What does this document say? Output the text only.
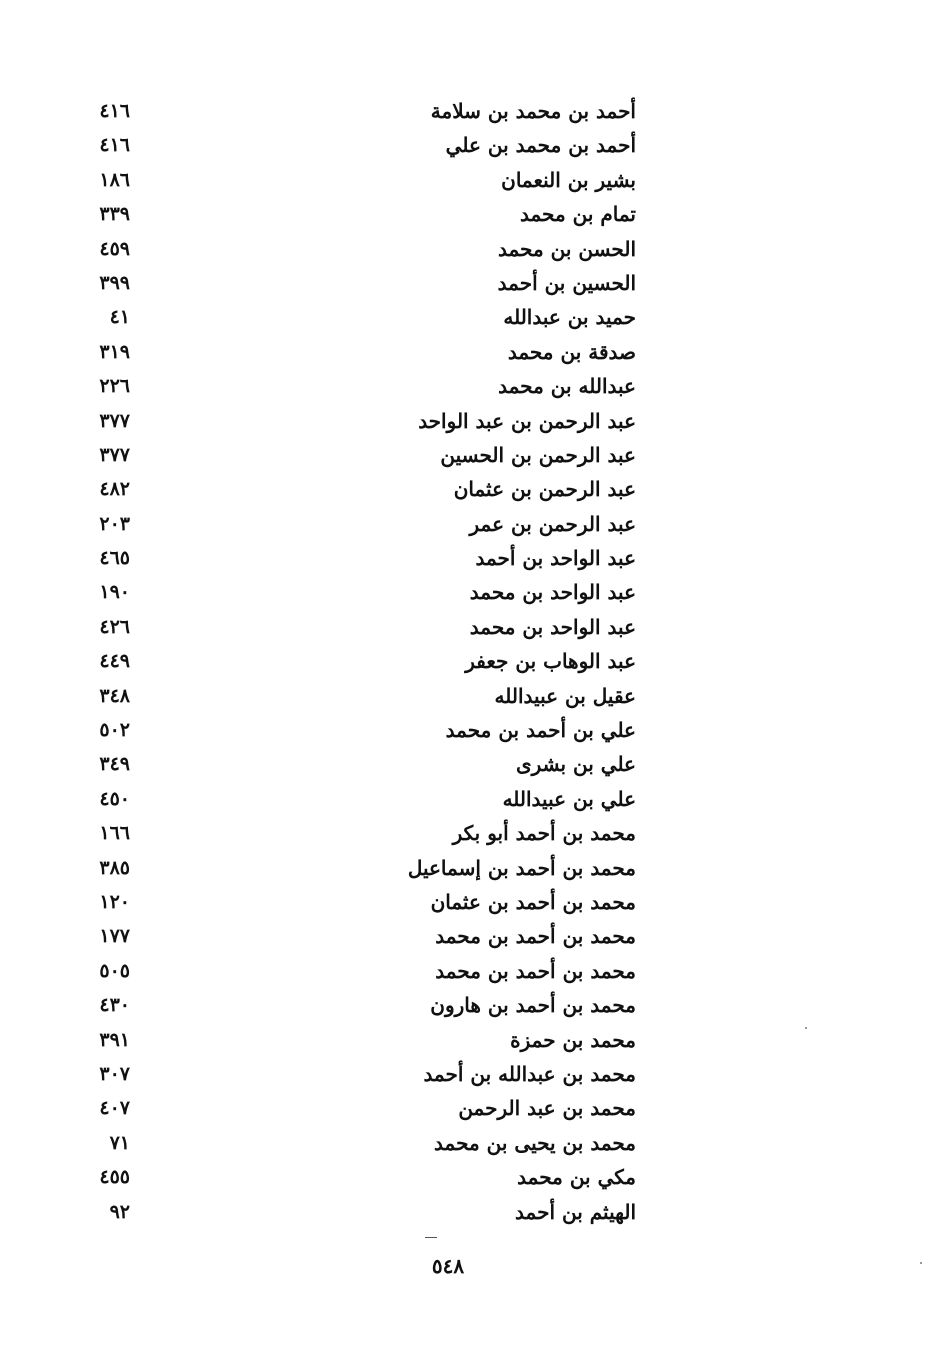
أحمد بن محمد بن سلامة
٤١٦
أحمد بن محمد بن علي
٤١٦
بشير بن النعمان
١٨٦
تمام بن محمد
٣٣٩
الحسن بن محمد
٤٥٩
الحسين بن أحمد
٣٩٩
حميد بن عبدالله
٤١
صدقة بن محمد
٣١٩
عبدالله بن محمد
٢٢٦
عبد الرحمن بن عبد الواحد
٣٧٧
عبد الرحمن بن الحسين
٣٧٧
عبد الرحمن بن عثمان
٤٨٢
عبد الرحمن بن عمر
٢٠٣
عبد الواحد بن أحمد
٤٦٥
عبد الواحد بن محمد
١٩٠
عبد الواحد بن محمد
٤٢٦
عبد الوهاب بن جعفر
٤٤٩
عقيل بن عبيدالله
٣٤٨
علي بن أحمد بن محمد
٥٠٢
علي بن بشرى
٣٤٩
علي بن عبيدالله
٤٥٠
محمد بن أحمد أبو بكر
١٦٦
محمد بن أحمد بن إسماعيل
٣٨٥
محمد بن أحمد بن عثمان
١٢٠
محمد بن أحمد بن محمد
١٧٧
محمد بن أحمد بن محمد
٥٠٥
محمد بن أحمد بن هارون
٤٣٠
محمد بن حمزة
٣٩١
محمد بن عبدالله بن أحمد
٣٠٧
محمد بن عبد الرحمن
٤٠٧
محمد بن يحيى بن محمد
٧١
مكي بن محمد
٤٥٥
الهيثم بن أحمد
٩٢
٥٤٨
